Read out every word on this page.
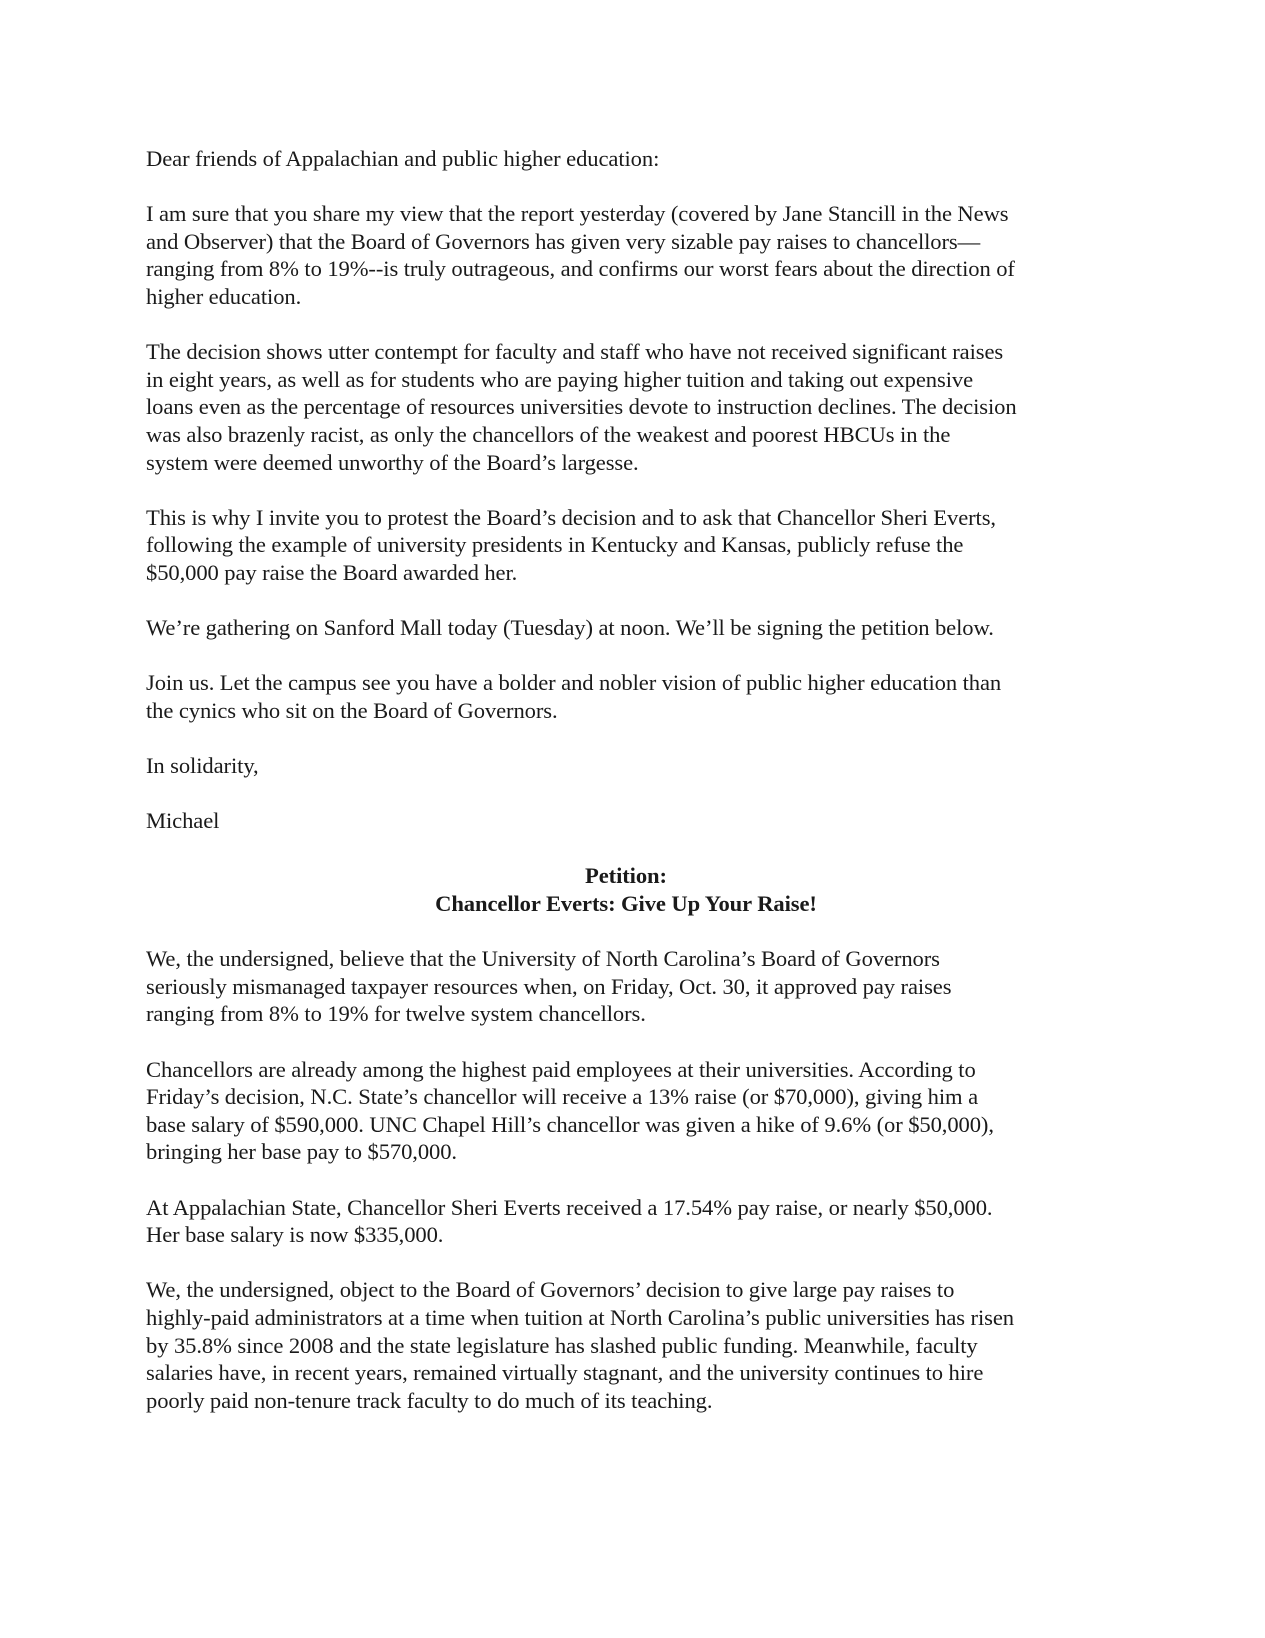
Dear friends of Appalachian and public higher education:

I am sure that you share my view that the report yesterday (covered by Jane Stancill in the News
and Observer) that the Board of Governors has given very sizable pay raises to chancellors—
ranging from 8% to 19%--is truly outrageous, and confirms our worst fears about the direction of
higher education.

The decision shows utter contempt for faculty and staff who have not received significant raises
in eight years, as well as for students who are paying higher tuition and taking out expensive
loans even as the percentage of resources universities devote to instruction declines. The decision
was also brazenly racist, as only the chancellors of the weakest and poorest HBCUs in the
system were deemed unworthy of the Board’s largesse.

This is why I invite you to protest the Board’s decision and to ask that Chancellor Sheri Everts,
following the example of university presidents in Kentucky and Kansas, publicly refuse the
$50,000 pay raise the Board awarded her.

We’re gathering on Sanford Mall today (Tuesday) at noon. We’ll be signing the petition below.

Join us. Let the campus see you have a bolder and nobler vision of public higher education than
the cynics who sit on the Board of Governors.

In solidarity,

Michael

Petition:
Chancellor Everts: Give Up Your Raise!

We, the undersigned, believe that the University of North Carolina’s Board of Governors
seriously mismanaged taxpayer resources when, on Friday, Oct. 30, it approved pay raises
ranging from 8% to 19% for twelve system chancellors.

Chancellors are already among the highest paid employees at their universities. According to
Friday’s decision, N.C. State’s chancellor will receive a 13% raise (or $70,000), giving him a
base salary of $590,000. UNC Chapel Hill’s chancellor was given a hike of 9.6% (or $50,000),
bringing her base pay to $570,000.

At Appalachian State, Chancellor Sheri Everts received a 17.54% pay raise, or nearly $50,000.
Her base salary is now $335,000.

We, the undersigned, object to the Board of Governors’ decision to give large pay raises to
highly-paid administrators at a time when tuition at North Carolina’s public universities has risen
by 35.8% since 2008 and the state legislature has slashed public funding. Meanwhile, faculty
salaries have, in recent years, remained virtually stagnant, and the university continues to hire
poorly paid non-tenure track faculty to do much of its teaching.
